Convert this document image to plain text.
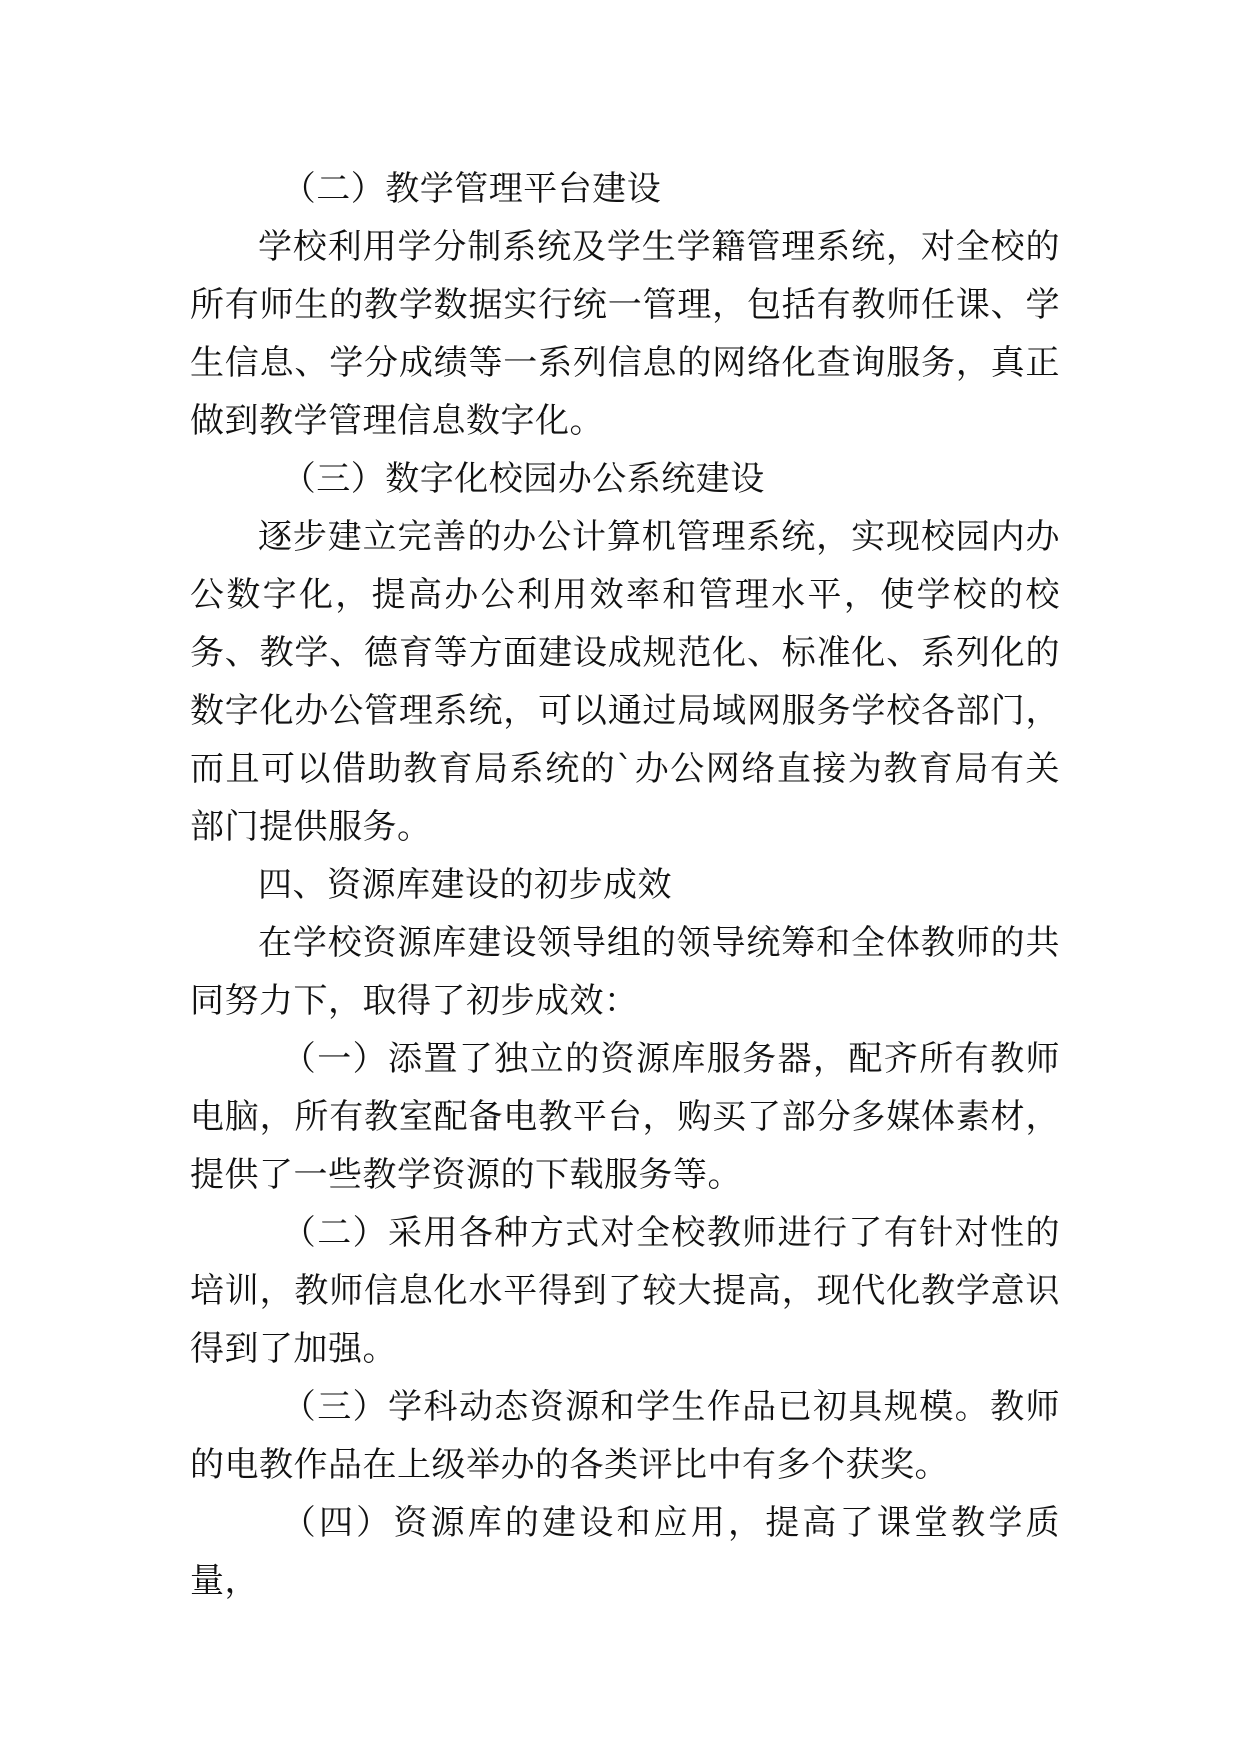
（二）教学管理平台建设

学校利用学分制系统及学生学籍管理系统，对全校的所有师生的教学数据实行统一管理，包括有教师任课、学生信息、学分成绩等一系列信息的网络化查询服务，真正做到教学管理信息数字化。

（三）数字化校园办公系统建设

逐步建立完善的办公计算机管理系统，实现校园内办公数字化，提高办公利用效率和管理水平，使学校的校务、教学、德育等方面建设成规范化、标准化、系列化的数字化办公管理系统，可以通过局域网服务学校各部门，而且可以借助教育局系统的`办公网络直接为教育局有关部门提供服务。

四、资源库建设的初步成效

在学校资源库建设领导组的领导统筹和全体教师的共同努力下，取得了初步成效：

（一）添置了独立的资源库服务器，配齐所有教师电脑，所有教室配备电教平台，购买了部分多媒体素材，提供了一些教学资源的下载服务等。

（二）采用各种方式对全校教师进行了有针对性的培训，教师信息化水平得到了较大提高，现代化教学意识得到了加强。

（三）学科动态资源和学生作品已初具规模。教师的电教作品在上级举办的各类评比中有多个获奖。

（四）资源库的建设和应用，提高了课堂教学质量，
